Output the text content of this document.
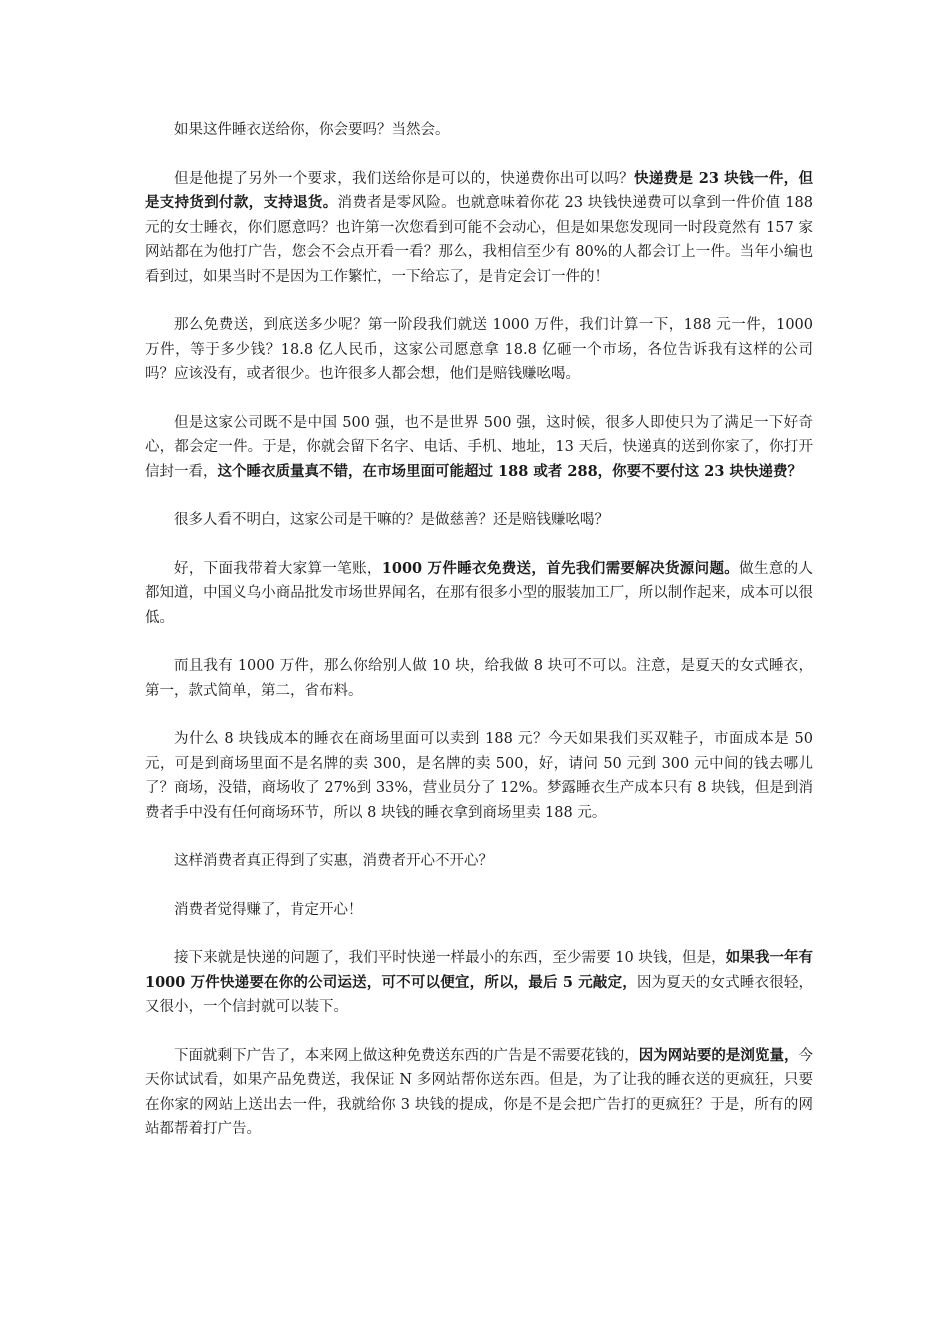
如果这件睡衣送给你，你会要吗？当然会。

但是他提了另外一个要求，我们送给你是可以的，快递费你出可以吗？快递费是 23 块钱一件，但是支持货到付款，支持退货。消费者是零风险。也就意味着你花 23 块钱快递费可以拿到一件价值 188 元的女士睡衣，你们愿意吗？也许第一次您看到可能不会动心，但是如果您发现同一时段竟然有 157 家网站都在为他打广告，您会不会点开看一看？那么，我相信至少有 80%的人都会订上一件。当年小编也看到过，如果当时不是因为工作繁忙，一下给忘了，是肯定会订一件的！

那么免费送，到底送多少呢？第一阶段我们就送 1000 万件，我们计算一下，188 元一件，1000 万件，等于多少钱？18.8 亿人民币，这家公司愿意拿 18.8 亿砸一个市场，各位告诉我有这样的公司吗？应该没有，或者很少。也许很多人都会想，他们是赔钱赚吆喝。

但是这家公司既不是中国 500 强，也不是世界 500 强，这时候，很多人即使只为了满足一下好奇心，都会定一件。于是，你就会留下名字、电话、手机、地址，13 天后，快递真的送到你家了，你打开信封一看，这个睡衣质量真不错，在市场里面可能超过 188 或者 288，你要不要付这 23 块快递费？

很多人看不明白，这家公司是干嘛的？是做慈善？还是赔钱赚吆喝？

好，下面我带着大家算一笔账，1000 万件睡衣免费送，首先我们需要解决货源问题。做生意的人都知道，中国义乌小商品批发市场世界闻名，在那有很多小型的服装加工厂，所以制作起来，成本可以很低。

而且我有 1000 万件，那么你给别人做 10 块，给我做 8 块可不可以。注意，是夏天的女式睡衣，第一，款式简单，第二，省布料。

为什么 8 块钱成本的睡衣在商场里面可以卖到 188 元？今天如果我们买双鞋子，市面成本是 50 元，可是到商场里面不是名牌的卖 300，是名牌的卖 500，好，请问 50 元到 300 元中间的钱去哪儿了？商场，没错，商场收了 27%到 33%，营业员分了 12%。梦露睡衣生产成本只有 8 块钱，但是到消费者手中没有任何商场环节，所以 8 块钱的睡衣拿到商场里卖 188 元。

这样消费者真正得到了实惠，消费者开心不开心？

消费者觉得赚了，肯定开心！

接下来就是快递的问题了，我们平时快递一样最小的东西，至少需要 10 块钱，但是，如果我一年有 1000 万件快递要在你的公司运送，可不可以便宜，所以，最后 5 元敲定，因为夏天的女式睡衣很轻，又很小，一个信封就可以装下。

下面就剩下广告了，本来网上做这种免费送东西的广告是不需要花钱的，因为网站要的是浏览量，今天你试试看，如果产品免费送，我保证 N 多网站帮你送东西。但是，为了让我的睡衣送的更疯狂，只要在你家的网站上送出去一件，我就给你 3 块钱的提成，你是不是会把广告打的更疯狂？于是，所有的网站都帮着打广告。
